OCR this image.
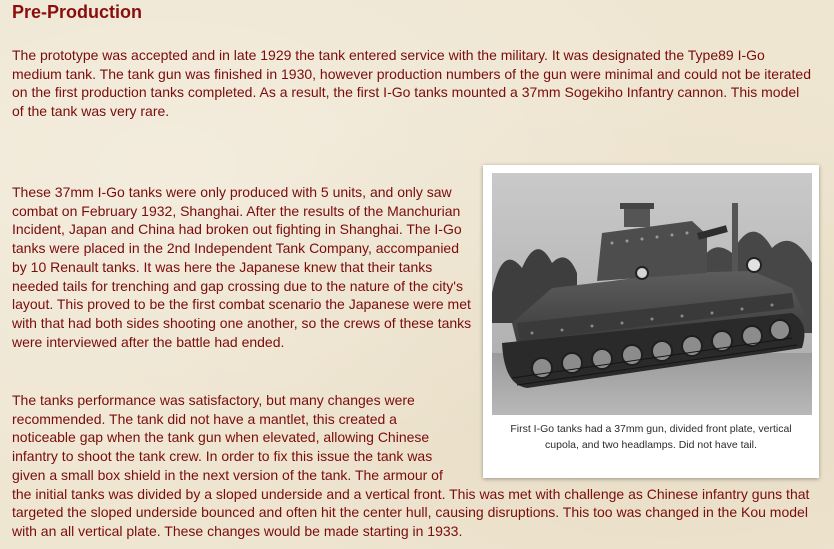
Pre-Production

The prototype was accepted and in late 1929 the tank entered service with the military. It was designated the Type89 I-Go medium tank. The tank gun was finished in 1930, however production numbers of the gun were minimal and could not be iterated on the first production tanks completed. As a result, the first I-Go tanks mounted a 37mm Sogekiho Infantry cannon. This model of the tank was very rare.

These 37mm I-Go tanks were only produced with 5 units, and only saw combat on February 1932, Shanghai. After the results of the Manchurian Incident, Japan and China had broken out fighting in Shanghai. The I-Go tanks were placed in the 2nd Independent Tank Company, accompanied by 10 Renault tanks. It was here the Japanese knew that their tanks needed tails for trenching and gap crossing due to the nature of the city's layout. This proved to be the first combat scenario the Japanese were met with that had both sides shooting one another, so the crews of these tanks were interviewed after the battle had ended.

The tanks performance was satisfactory, but many changes were recommended. The tank did not have a mantlet, this created a noticeable gap when the tank gun when elevated, allowing Chinese infantry to shoot the tank crew. In order to fix this issue the tank was given a small box shield in the next version of the tank. The armour of the initial tanks was divided by a sloped underside and a vertical front. This was met with challenge as Chinese infantry guns that targeted the sloped underside bounced and often hit the center hull, causing disruptions. This too was changed in the Kou model with an all vertical plate. These changes would be made starting in 1933.

First I-Go tanks had a 37mm gun, divided front plate, vertical cupola, and two headlamps. Did not have tail.
